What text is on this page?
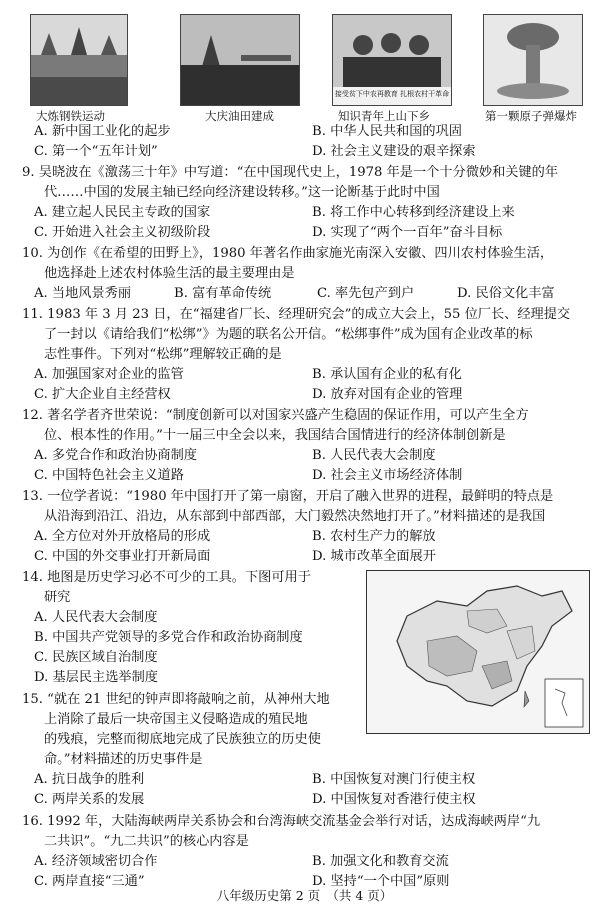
接受贫下中农再教育 扎根农村干革命
大炼钢铁运动	大庆油田建成	知识青年上山下乡	第一颗原子弹爆炸
A. 新中国工业化的起步	B. 中华人民共和国的巩固
C. 第一个“五年计划”	D. 社会主义建设的艰辛探索
9. 吴晓波在《激荡三十年》中写道：“在中国现代史上，1978 年是一个十分微妙和关键的年
代……中国的发展主轴已经向经济建设转移。”这一论断基于此时中国
A. 建立起人民民主专政的国家	B. 将工作中心转移到经济建设上来
C. 开始进入社会主义初级阶段	D. 实现了“两个一百年”奋斗目标
10. 为创作《在希望的田野上》，1980 年著名作曲家施光南深入安徽、四川农村体验生活，
他选择赴上述农村体验生活的最主要理由是
A. 当地风景秀丽	B. 富有革命传统	C. 率先包产到户	D. 民俗文化丰富
11. 1983 年 3 月 23 日，在“福建省厂长、经理研究会”的成立大会上，55 位厂长、经理提交
了一封以《请给我们“松绑”》为题的联名公开信。“松绑事件”成为国有企业改革的标
志性事件。下列对“松绑”理解较正确的是
A. 加强国家对企业的监管	B. 承认国有企业的私有化
C. 扩大企业自主经营权	D. 放弃对国有企业的管理
12. 著名学者齐世荣说：“制度创新可以对国家兴盛产生稳固的保证作用，可以产生全方
位、根本性的作用。”十一届三中全会以来，我国结合国情进行的经济体制创新是
A. 多党合作和政治协商制度	B. 人民代表大会制度
C. 中国特色社会主义道路	D. 社会主义市场经济体制
13. 一位学者说：“1980 年中国打开了第一扇窗，开启了融入世界的进程，最鲜明的特点是
从沿海到沿江、沿边，从东部到中部西部，大门毅然决然地打开了。”材料描述的是我国
A. 全方位对外开放格局的形成	B. 农村生产力的解放
C. 中国的外交事业打开新局面	D. 城市改革全面展开
14. 地图是历史学习必不可少的工具。下图可用于
研究
A. 人民代表大会制度
B. 中国共产党领导的多党合作和政治协商制度
C. 民族区域自治制度
D. 基层民主选举制度
15. “就在 21 世纪的钟声即将敲响之前，从神州大地
上消除了最后一块帝国主义侵略造成的殖民地
的残痕，完整而彻底地完成了民族独立的历史使
命。”材料描述的历史事件是
A. 抗日战争的胜利	B. 中国恢复对澳门行使主权
C. 两岸关系的发展	D. 中国恢复对香港行使主权
16. 1992 年，大陆海峡两岸关系协会和台湾海峡交流基金会举行对话，达成海峡两岸“九
二共识”。“九二共识”的核心内容是
A. 经济领域密切合作	B. 加强文化和教育交流
C. 两岸直接“三通”	D. 坚持“一个中国”原则
八年级历史第 2 页　（共 4 页）
